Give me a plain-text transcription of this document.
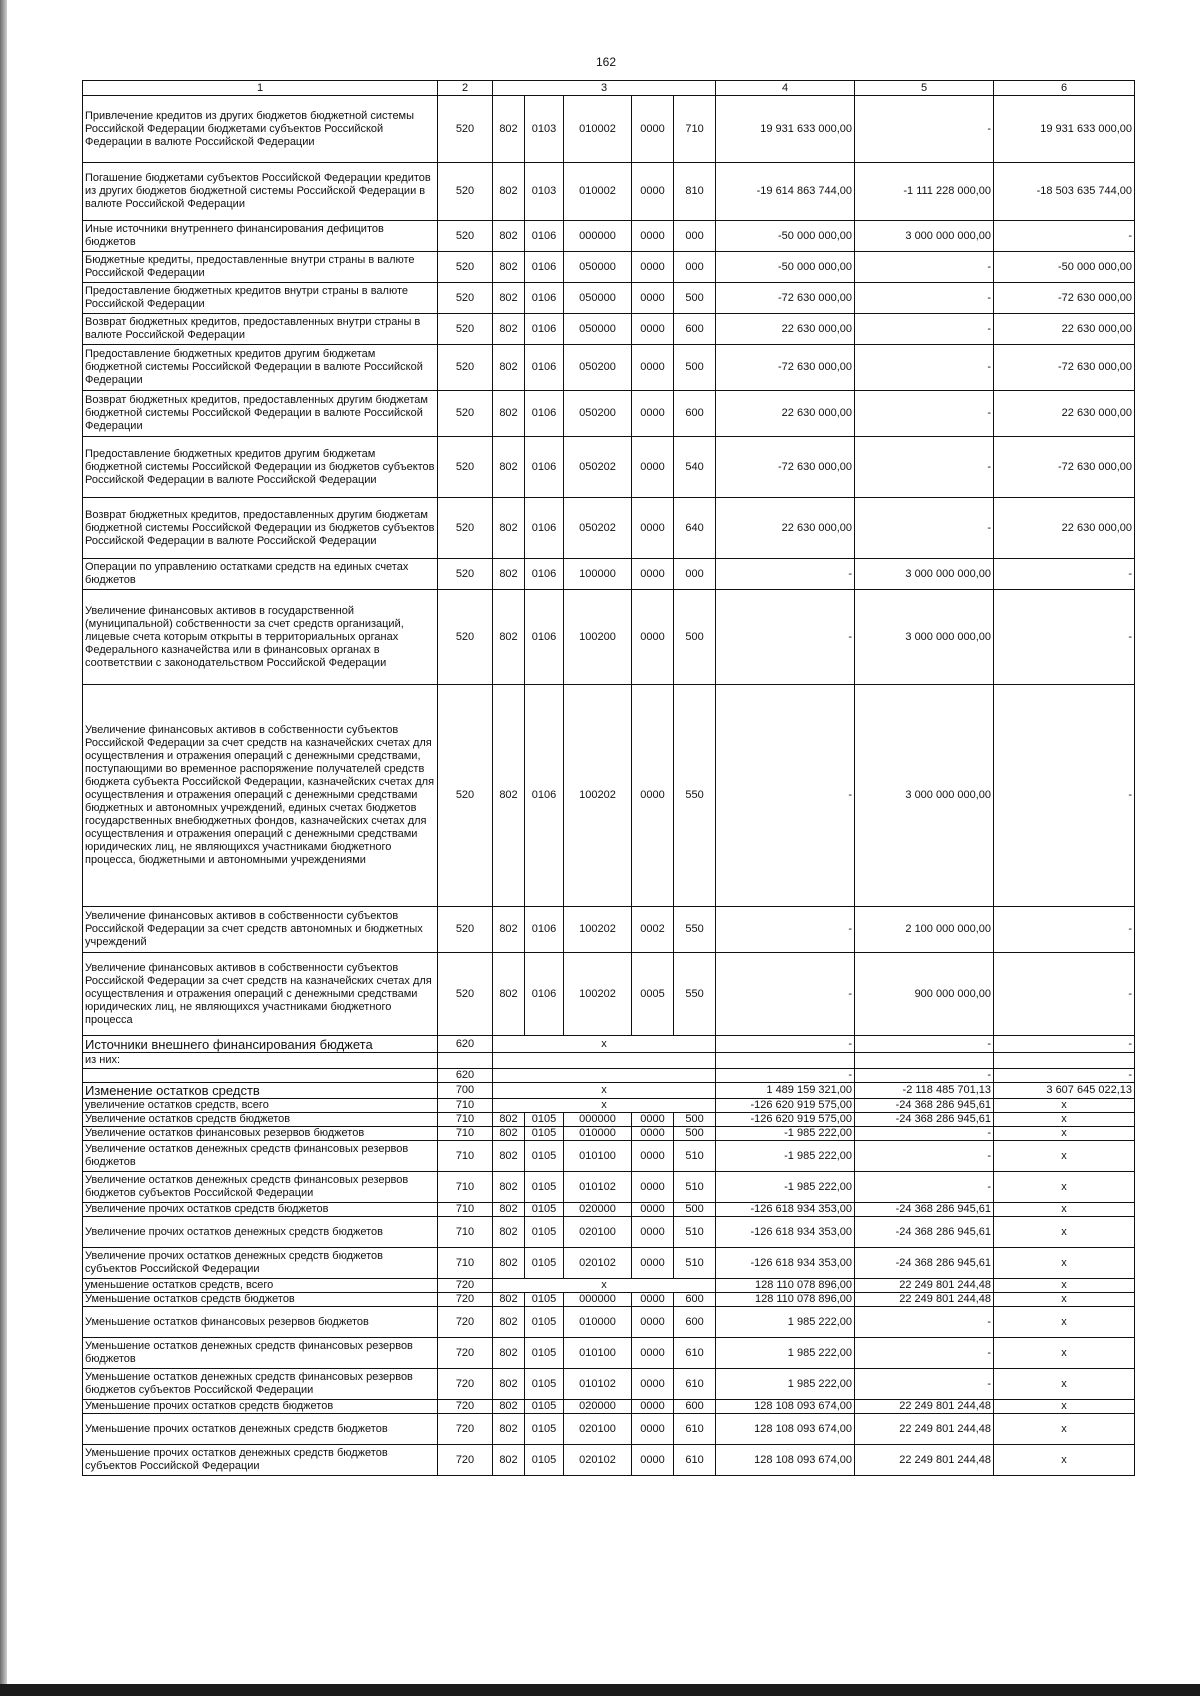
162
1	2	3					4	5	6
Привлечение кредитов из других бюджетов бюджетной системы Российской Федерации бюджетами субъектов Российской Федерации в валюте Российской Федерации	520	802	0103	010002	0000	710	19 931 633 000,00	-	19 931 633 000,00
Погашение бюджетами субъектов Российской Федерации кредитов из других бюджетов бюджетной системы Российской Федерации в валюте Российской Федерации	520	802	0103	010002	0000	810	-19 614 863 744,00	-1 111 228 000,00	-18 503 635 744,00
Иные источники внутреннего финансирования дефицитов бюджетов	520	802	0106	000000	0000	000	-50 000 000,00	3 000 000 000,00	-
Бюджетные кредиты, предоставленные внутри страны в валюте Российской Федерации	520	802	0106	050000	0000	000	-50 000 000,00	-	-50 000 000,00
Предоставление бюджетных кредитов внутри страны в валюте Российской Федерации	520	802	0106	050000	0000	500	-72 630 000,00	-	-72 630 000,00
Возврат бюджетных кредитов, предоставленных внутри страны в валюте Российской Федерации	520	802	0106	050000	0000	600	22 630 000,00	-	22 630 000,00
Предоставление бюджетных кредитов другим бюджетам бюджетной системы Российской Федерации в валюте Российской Федерации	520	802	0106	050200	0000	500	-72 630 000,00	-	-72 630 000,00
Возврат бюджетных кредитов, предоставленных другим бюджетам бюджетной системы Российской Федерации в валюте Российской Федерации	520	802	0106	050200	0000	600	22 630 000,00	-	22 630 000,00
Предоставление бюджетных кредитов другим бюджетам бюджетной системы Российской Федерации из бюджетов субъектов Российской Федерации в валюте Российской Федерации	520	802	0106	050202	0000	540	-72 630 000,00	-	-72 630 000,00
Возврат бюджетных кредитов, предоставленных другим бюджетам бюджетной системы Российской Федерации из бюджетов субъектов Российской Федерации в валюте Российской Федерации	520	802	0106	050202	0000	640	22 630 000,00	-	22 630 000,00
Операции по управлению остатками средств на единых счетах бюджетов	520	802	0106	100000	0000	000	-	3 000 000 000,00	-
Увеличение финансовых активов в государственной (муниципальной) собственности за счет средств организаций, лицевые счета которым открыты в территориальных органах Федерального казначейства или в финансовых органах в соответствии с законодательством Российской Федерации	520	802	0106	100200	0000	500	-	3 000 000 000,00	-
Увеличение финансовых активов в собственности субъектов Российской Федерации за счет средств на казначейских счетах для осуществления и отражения операций с денежными средствами, поступающими во временное распоряжение получателей средств бюджета субъекта Российской Федерации, казначейских счетах для осуществления и отражения операций с денежными средствами бюджетных и автономных учреждений, единых счетах бюджетов государственных внебюджетных фондов, казначейских счетах для осуществления и отражения операций с денежными средствами юридических лиц, не являющихся участниками бюджетного процесса, бюджетными и автономными учреждениями	520	802	0106	100202	0000	550	-	3 000 000 000,00	-
Увеличение финансовых активов в собственности субъектов Российской Федерации за счет средств автономных и бюджетных учреждений	520	802	0106	100202	0002	550	-	2 100 000 000,00	-
Увеличение финансовых активов в собственности субъектов Российской Федерации за счет средств на казначейских счетах для осуществления и отражения операций с денежными средствами юридических лиц, не являющихся участниками бюджетного процесса	520	802	0106	100202	0005	550	-	900 000 000,00	-
Источники внешнего финансирования бюджета	620	x					-	-	-
из них:									
	620						-	-	-
Изменение остатков средств	700	x					1 489 159 321,00	-2 118 485 701,13	3 607 645 022,13
увеличение остатков средств, всего	710	x					-126 620 919 575,00	-24 368 286 945,61	x
Увеличение остатков средств бюджетов	710	802	0105	000000	0000	500	-126 620 919 575,00	-24 368 286 945,61	x
Увеличение остатков финансовых резервов бюджетов	710	802	0105	010000	0000	500	-1 985 222,00	-	x
Увеличение остатков денежных средств финансовых резервов бюджетов	710	802	0105	010100	0000	510	-1 985 222,00	-	x
Увеличение остатков денежных средств финансовых резервов бюджетов субъектов Российской Федерации	710	802	0105	010102	0000	510	-1 985 222,00	-	x
Увеличение прочих остатков средств бюджетов	710	802	0105	020000	0000	500	-126 618 934 353,00	-24 368 286 945,61	x
Увеличение прочих остатков денежных средств бюджетов	710	802	0105	020100	0000	510	-126 618 934 353,00	-24 368 286 945,61	x
Увеличение прочих остатков денежных средств бюджетов субъектов Российской Федерации	710	802	0105	020102	0000	510	-126 618 934 353,00	-24 368 286 945,61	x
уменьшение остатков средств, всего	720	x					128 110 078 896,00	22 249 801 244,48	x
Уменьшение остатков средств бюджетов	720	802	0105	000000	0000	600	128 110 078 896,00	22 249 801 244,48	x
Уменьшение остатков финансовых резервов бюджетов	720	802	0105	010000	0000	600	1 985 222,00	-	x
Уменьшение остатков денежных средств финансовых резервов бюджетов	720	802	0105	010100	0000	610	1 985 222,00	-	x
Уменьшение остатков денежных средств финансовых резервов бюджетов субъектов Российской Федерации	720	802	0105	010102	0000	610	1 985 222,00	-	x
Уменьшение прочих остатков средств бюджетов	720	802	0105	020000	0000	600	128 108 093 674,00	22 249 801 244,48	x
Уменьшение прочих остатков денежных средств бюджетов	720	802	0105	020100	0000	610	128 108 093 674,00	22 249 801 244,48	x
Уменьшение прочих остатков денежных средств бюджетов субъектов Российской Федерации	720	802	0105	020102	0000	610	128 108 093 674,00	22 249 801 244,48	x
